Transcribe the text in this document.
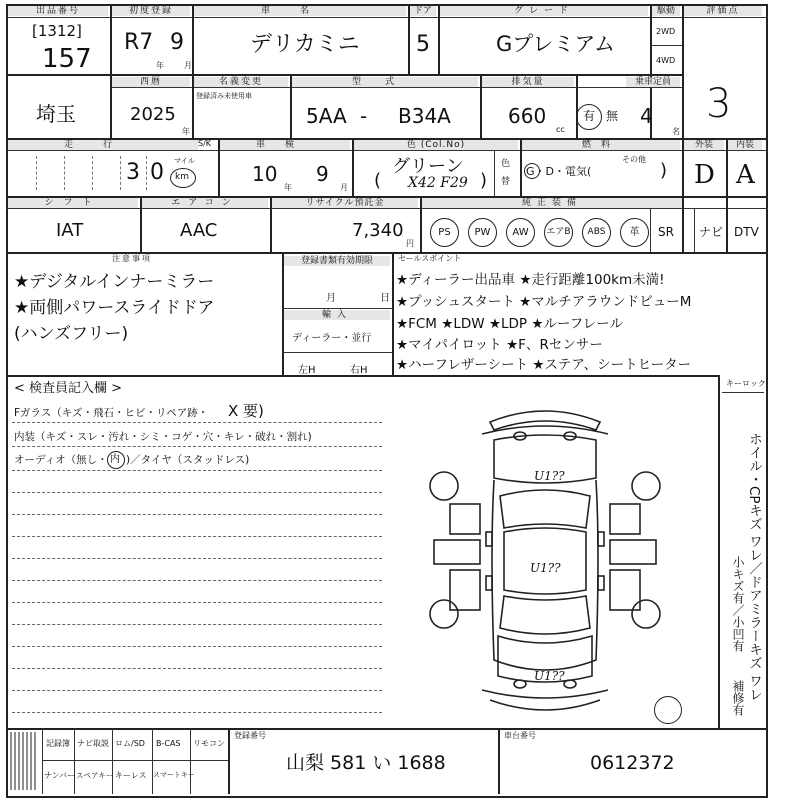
出品番号
[1312]
157
初度登録
R7 9
年	月
車名
デリカミニ
ドア
5
グレード
Gプレミアム
駆動
2WD
4WD
評価点
3
埼玉
西暦
2025
年
名義変更
登録済み未使用車
型式
5AA - B34A
排気量
660
cc
有 無
乗車定員
4
名
走行	S/K
3 0 マイル
km
車検
10
年
9
月
色 (Col.No)
グリーン
( X42 F29 )
色
替
燃料
G・D・電気(
その他
)
外装
D
内装
A
シフト
IAT
エアコン
AAC
リサイクル預託金
7,340
円
純正装備
PS	PW	AW	エアB	ABS	革	SR ナビ DTV
注意事項
★デジタルインナーミラー
★両側パワースライドドア
(ハンズフリー)
登録書類有効期限
月	日
輸入
ディーラー・並行
左H	右H
セールスポイント
★ディーラー出品車 ★走行距離100km未満!
★プッシュスタート ★マルチアラウンドビューM
★FCM ★LDW ★LDP ★ルーフレール
★マイパイロット ★F、Rセンサー
★ハーフレザーシート ★ステア、シートヒーター
< 検査員記入欄 >
Fガラス（キズ・飛石・ヒビ・リペア跡・ X 要)
内装（キズ・スレ・汚れ・シミ・コゲ・穴・キレ・破れ・割れ)
オーディオ（無し・ 内 )／タイヤ（スタッドレス)
キーロック
U1??
U1??
U1??	ホイル・CPキズ ワレ／ドアミラーキズ ワレ
小キズ有／小凹有
補修有
記録簿 ナビ取説 ロム/SD B-CAS リモコン
ナンバー スペアキー キーレス スマートキー
登録番号
山梨 581 い 1688
車台番号
0612372
